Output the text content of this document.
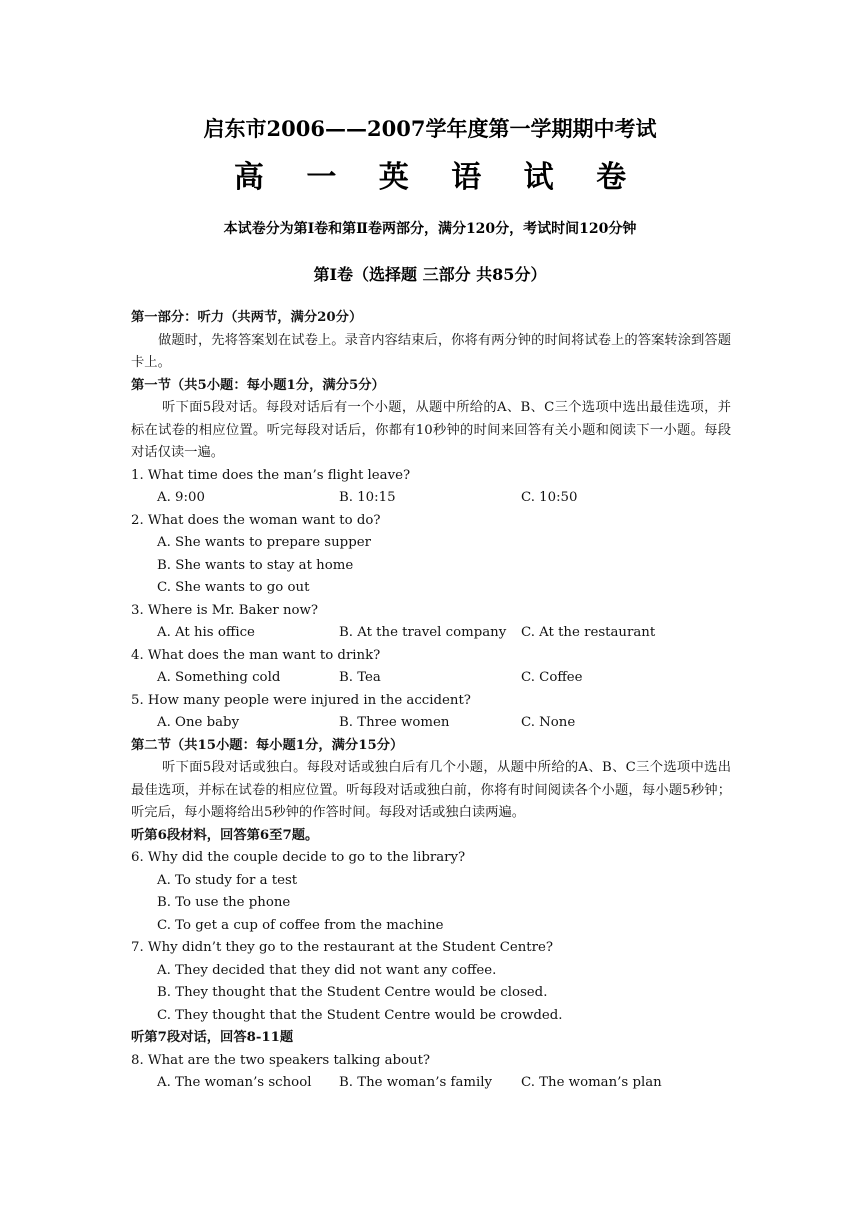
启东市2006——2007学年度第一学期期中考试
高 一 英 语 试 卷
本试卷分为第Ⅰ卷和第Ⅱ卷两部分，满分120分，考试时间120分钟
第Ⅰ卷（选择题 三部分 共85分）
第一部分：听力（共两节，满分20分）
做题时，先将答案划在试卷上。录音内容结束后，你将有两分钟的时间将试卷上的答案转涂到答题卡上。
第一节（共5小题：每小题1分，满分5分）
听下面5段对话。每段对话后有一个小题，从题中所给的A、B、C三个选项中选出最佳选项，并标在试卷的相应位置。听完每段对话后，你都有10秒钟的时间来回答有关小题和阅读下一小题。每段对话仅读一遍。
1. What time does the man’s flight leave?
A. 9:00	B. 10:15	C. 10:50
2. What does the woman want to do?
A. She wants to prepare supper
B. She wants to stay at home
C. She wants to go out
3. Where is Mr. Baker now?
A. At his office	B. At the travel company	C. At the restaurant
4. What does the man want to drink?
A. Something cold	B. Tea	C. Coffee
5. How many people were injured in the accident?
A. One baby	B. Three women	C. None
第二节（共15小题：每小题1分，满分15分）
听下面5段对话或独白。每段对话或独白后有几个小题，从题中所给的A、B、C三个选项中选出最佳选项，并标在试卷的相应位置。听每段对话或独白前，你将有时间阅读各个小题，每小题5秒钟；听完后，每小题将给出5秒钟的作答时间。每段对话或独白读两遍。
听第6段材料，回答第6至7题。
6. Why did the couple decide to go to the library?
A. To study for a test
B. To use the phone
C. To get a cup of coffee from the machine
7. Why didn’t they go to the restaurant at the Student Centre?
A. They decided that they did not want any coffee.
B. They thought that the Student Centre would be closed.
C. They thought that the Student Centre would be crowded.
听第7段对话，回答8-11题
8. What are the two speakers talking about?
A. The woman’s school	B. The woman’s family	C. The woman’s plan
